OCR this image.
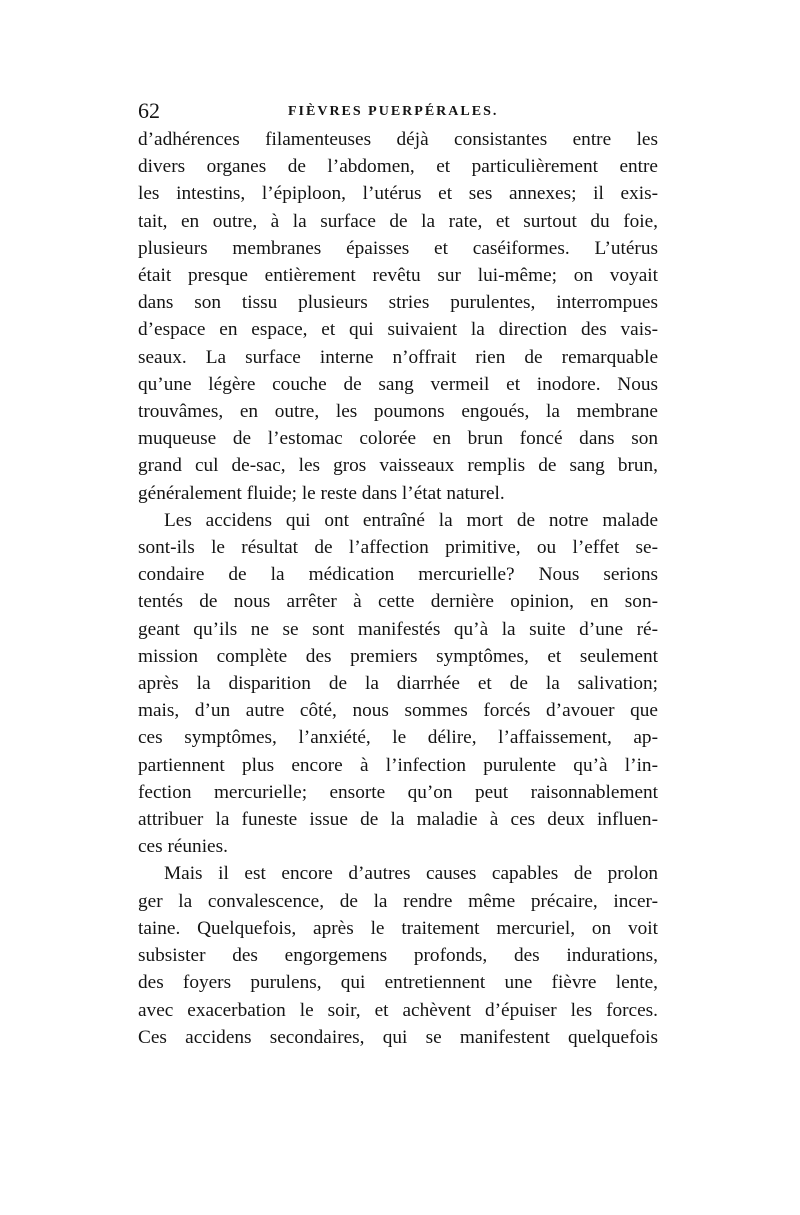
62	FIÈVRES PUERPÉRALES.

d’adhérences filamenteuses déjà consistantes entre les
divers organes de l’abdomen, et particulièrement entre
les intestins, l’épiploon, l’utérus et ses annexes; il exis-
tait, en outre, à la surface de la rate, et surtout du foie,
plusieurs membranes épaisses et caséiformes. L’utérus
était presque entièrement revêtu sur lui-même; on voyait
dans son tissu plusieurs stries purulentes, interrompues
d’espace en espace, et qui suivaient la direction des vais-
seaux. La surface interne n’offrait rien de remarquable
qu’une légère couche de sang vermeil et inodore. Nous
trouvâmes, en outre, les poumons engoués, la membrane
muqueuse de l’estomac colorée en brun foncé dans son
grand cul de-sac, les gros vaisseaux remplis de sang brun,
généralement fluide; le reste dans l’état naturel.

Les accidens qui ont entraîné la mort de notre malade
sont-ils le résultat de l’affection primitive, ou l’effet se-
condaire de la médication mercurielle? Nous serions
tentés de nous arrêter à cette dernière opinion, en son-
geant qu’ils ne se sont manifestés qu’à la suite d’une ré-
mission complète des premiers symptômes, et seulement
après la disparition de la diarrhée et de la salivation;
mais, d’un autre côté, nous sommes forcés d’avouer que
ces symptômes, l’anxiété, le délire, l’affaissement, ap-
partiennent plus encore à l’infection purulente qu’à l’in-
fection mercurielle; ensorte qu’on peut raisonnablement
attribuer la funeste issue de la maladie à ces deux influen-
ces réunies.

Mais il est encore d’autres causes capables de prolon
ger la convalescence, de la rendre même précaire, incer-
taine. Quelquefois, après le traitement mercuriel, on voit
subsister des engorgemens profonds, des indurations,
des foyers purulens, qui entretiennent une fièvre lente,
avec exacerbation le soir, et achèvent d’épuiser les forces.
Ces accidens secondaires, qui se manifestent quelquefois
